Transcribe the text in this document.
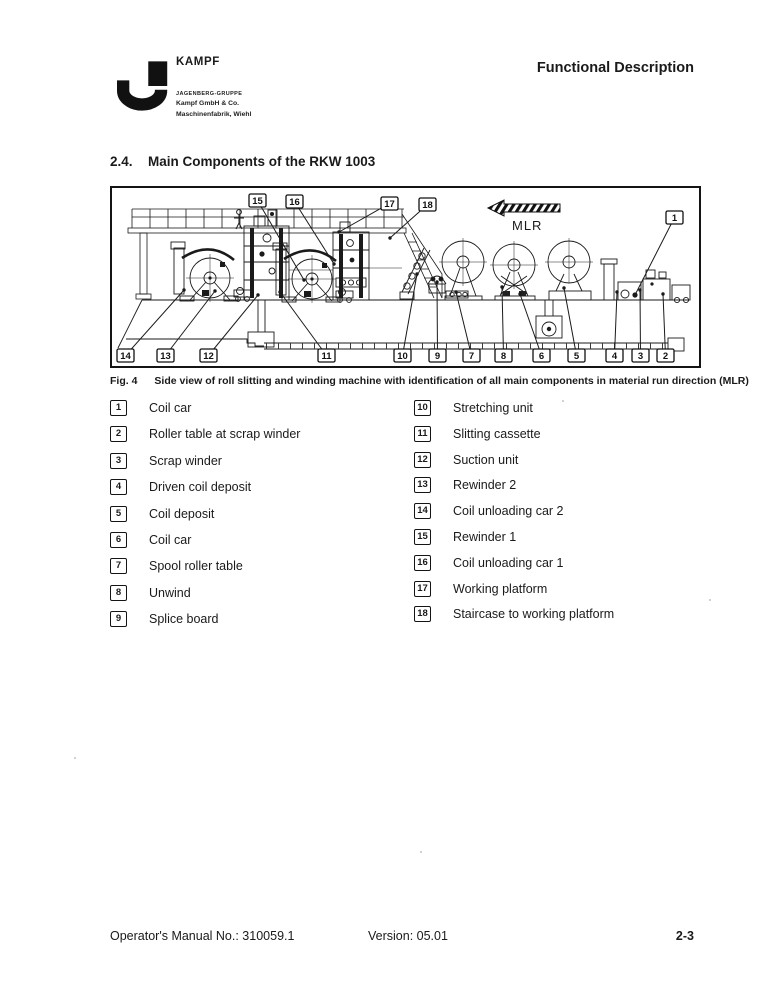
KAMPF
JAGENBERG-GRUPPE
Kampf GmbH & Co.
Maschinenfabrik, Wiehl
Functional Description
2.4. Main Components of the RKW 1003
MLR
15	16	17	18
1
14	13	12	11	10	9	7	8	6	5	4 3 2
Fig. 4 Side view of roll slitting and winding machine with identification of all main components in material run direction (MLR)
1	Coil car
2	Roller table at scrap winder
3	Scrap winder
4	Driven coil deposit
5	Coil deposit
6	Coil car
7	Spool roller table
8	Unwind
9	Splice board
10 Stretching unit
11 Slitting cassette
12 Suction unit
13 Rewinder 2
14 Coil unloading car 2
15 Rewinder 1
16 Coil unloading car 1
17 Working platform
18 Staircase to working platform
Operator's Manual No.: 310059.1	Version: 05.01	2-3
